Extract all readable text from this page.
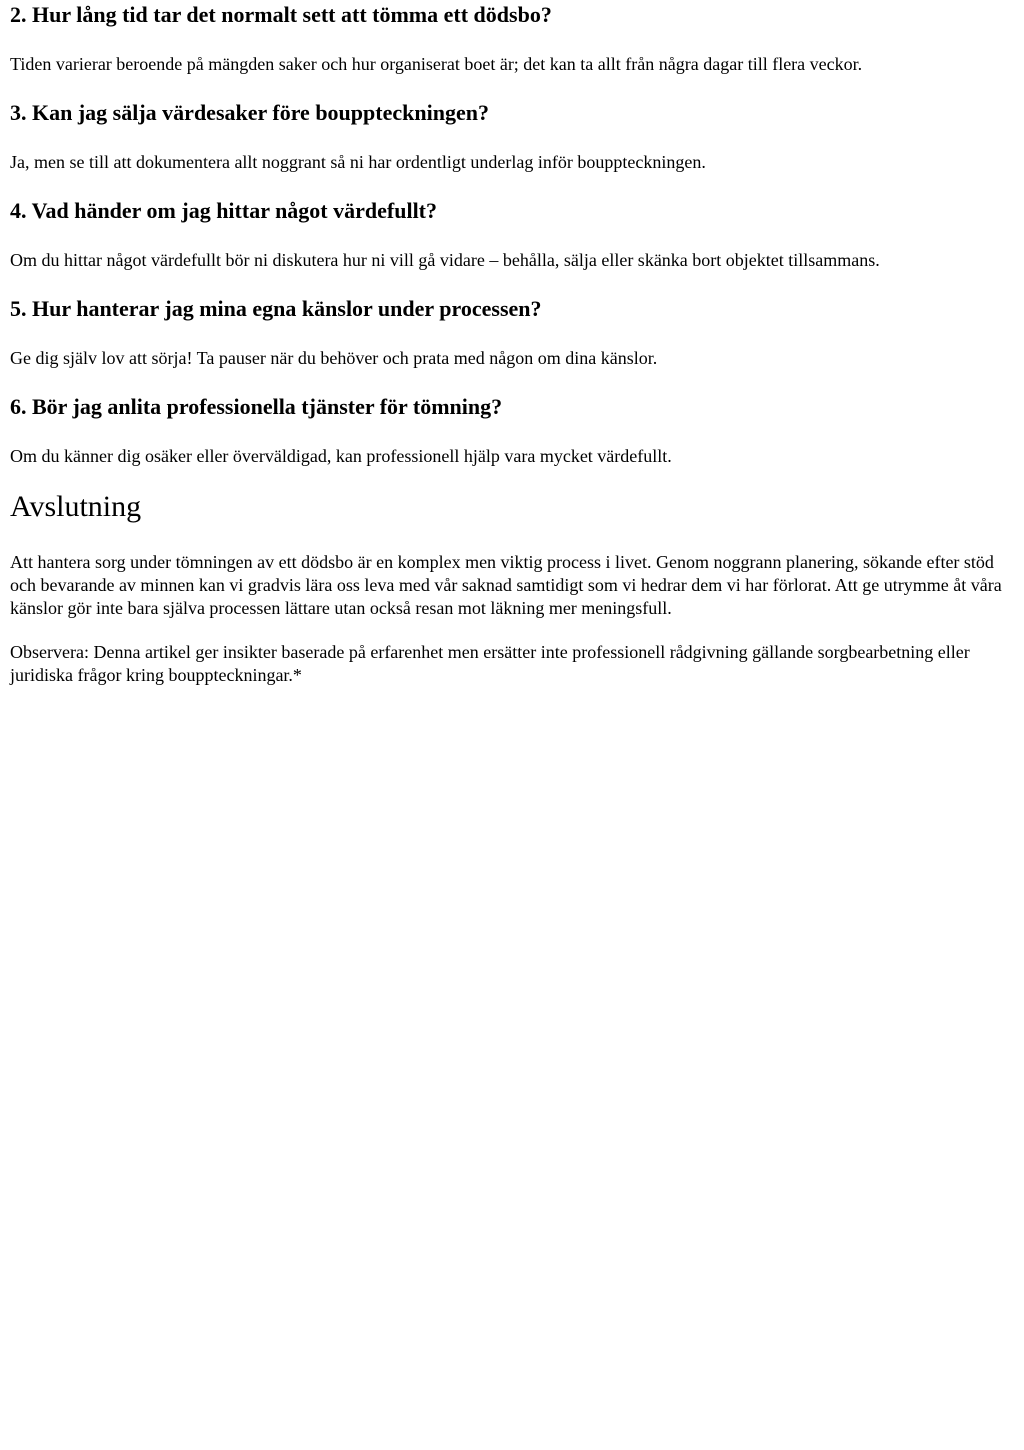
2. Hur lång tid tar det normalt sett att tömma ett dödsbo?

Tiden varierar beroende på mängden saker och hur organiserat boet är; det kan ta allt från några dagar till flera veckor.

3. Kan jag sälja värdesaker före bouppteckningen?

Ja, men se till att dokumentera allt noggrant så ni har ordentligt underlag inför bouppteckningen.

4. Vad händer om jag hittar något värdefullt?

Om du hittar något värdefullt bör ni diskutera hur ni vill gå vidare – behålla, sälja eller skänka bort objektet tillsammans.

5. Hur hanterar jag mina egna känslor under processen?

Ge dig själv lov att sörja! Ta pauser när du behöver och prata med någon om dina känslor.

6. Bör jag anlita professionella tjänster för tömning?

Om du känner dig osäker eller överväldigad, kan professionell hjälp vara mycket värdefullt.

Avslutning

Att hantera sorg under tömningen av ett dödsbo är en komplex men viktig process i livet. Genom noggrann planering, sökande efter stöd och bevarande av minnen kan vi gradvis lära oss leva med vår saknad samtidigt som vi hedrar dem vi har förlorat. Att ge utrymme åt våra känslor gör inte bara själva processen lättare utan också resan mot läkning mer meningsfull.

Observera: Denna artikel ger insikter baserade på erfarenhet men ersätter inte professionell rådgivning gällande sorgbearbetning eller juridiska frågor kring bouppteckningar.*
